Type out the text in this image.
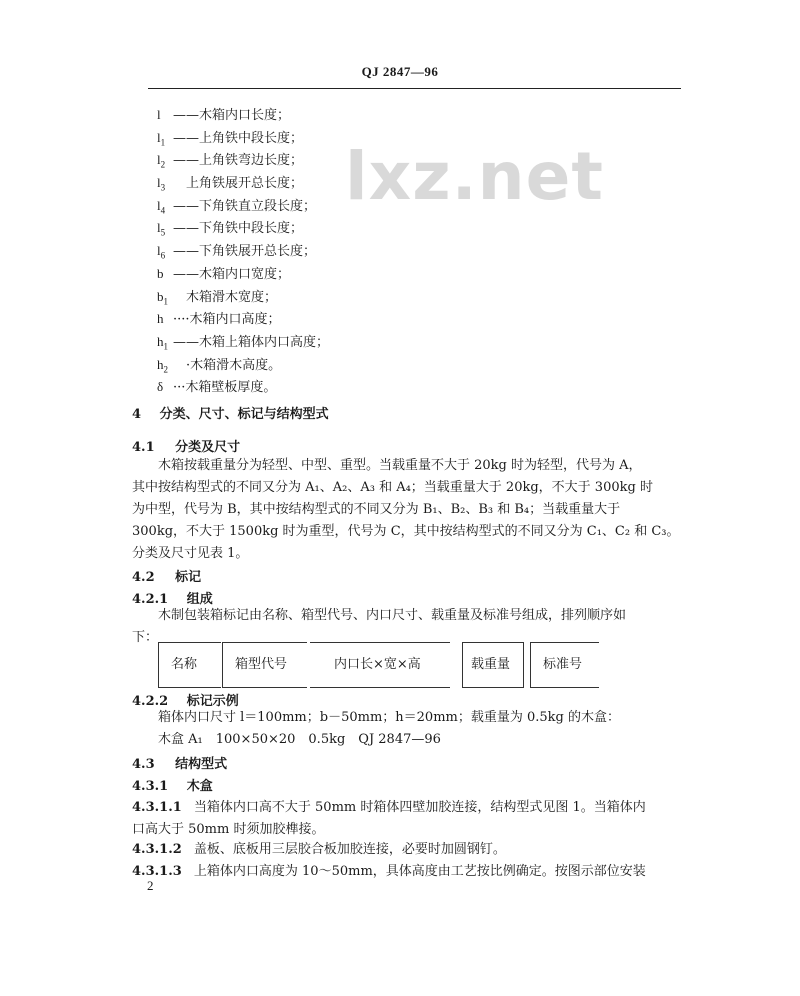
QJ 2847—96
lxz.net
l ——木箱内口长度；
$l_1$ ——上角铁中段长度；
$l_2$ ——上角铁弯边长度；
$l_3$　 上角铁展开总长度；
$l_4$ ——下角铁直立段长度；
$l_5$ ——下角铁中段长度；
$l_6$ ——下角铁展开总长度；
b ——木箱内口宽度；
$b_1$　 木箱滑木宽度；
h ····木箱内口高度；
$h_1$ ——木箱上箱体内口高度；
$h_2$　·木箱滑木高度。
δ ···木箱壁板厚度。
4 分类、尺寸、标记与结构型式
4.1 分类及尺寸
木箱按载重量分为轻型、中型、重型。当载重量不大于 20kg 时为轻型，代号为 A，
其中按结构型式的不同又分为 A₁、A₂、A₃ 和 A₄；当载重量大于 20kg，不大于 300kg 时
为中型，代号为 B，其中按结构型式的不同又分为 B₁、B₂、B₃ 和 B₄；当载重量大于
300kg，不大于 1500kg 时为重型，代号为 C，其中按结构型式的不同又分为 C₁、C₂ 和 C₃。
分类及尺寸见表 1。
4.2 标记
4.2.1 组成
木制包装箱标记由名称、箱型代号、内口尺寸、载重量及标准号组成，排列顺序如
下：
名称	箱型代号	内口长×宽×高	载重量	标准号
4.2.2 标记示例
箱体内口尺寸 l＝100mm；b－50mm；h＝20mm；载重量为 0.5kg 的木盒：
木盒 A₁　100×50×20　0.5kg　QJ 2847—96
4.3 结构型式
4.3.1 木盒
4.3.1.1 当箱体内口高不大于 50mm 时箱体四壁加胶连接，结构型式见图 1。当箱体内
口高大于 50mm 时须加胶榫接。
4.3.1.2 盖板、底板用三层胶合板加胶连接，必要时加圆钢钉。
4.3.1.3 上箱体内口高度为 10～50mm，具体高度由工艺按比例确定。按图示部位安装
2
